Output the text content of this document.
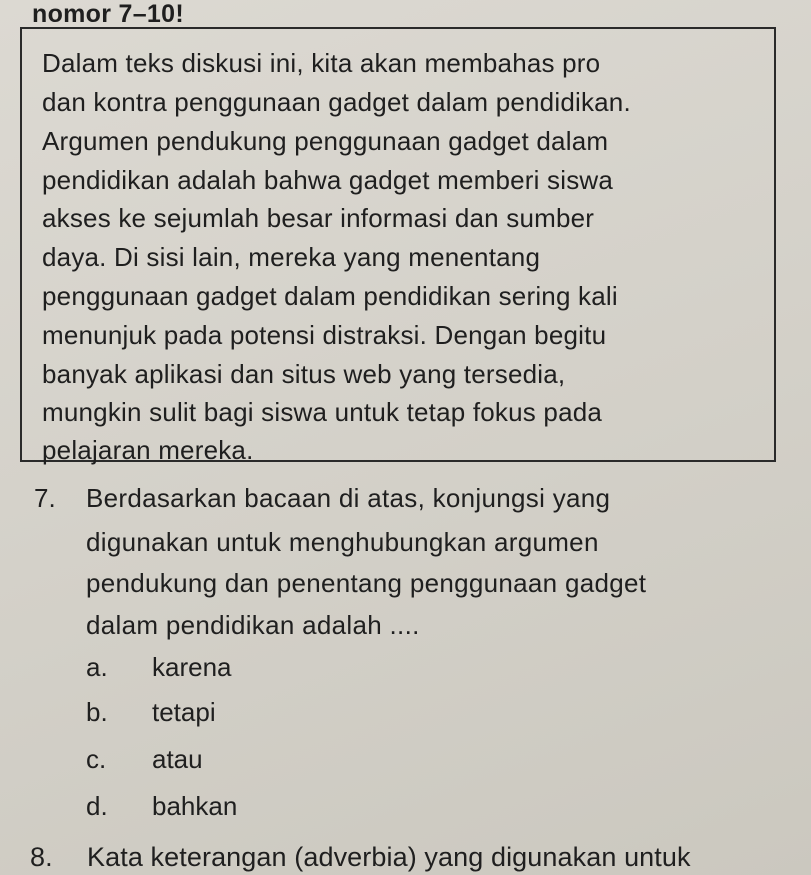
nomor 7–10!
Dalam teks diskusi ini, kita akan membahas pro
dan kontra penggunaan gadget dalam pendidikan.
Argumen pendukung penggunaan gadget dalam
pendidikan adalah bahwa gadget memberi siswa
akses ke sejumlah besar informasi dan sumber
daya. Di sisi lain, mereka yang menentang
penggunaan gadget dalam pendidikan sering kali
menunjuk pada potensi distraksi. Dengan begitu
banyak aplikasi dan situs web yang tersedia,
mungkin sulit bagi siswa untuk tetap fokus pada
pelajaran mereka.
7. Berdasarkan bacaan di atas, konjungsi yang
digunakan untuk menghubungkan argumen
pendukung dan penentang penggunaan gadget
dalam pendidikan adalah ....
a. karena
b. tetapi
c. atau
d. bahkan
8. Kata keterangan (adverbia) yang digunakan untuk
